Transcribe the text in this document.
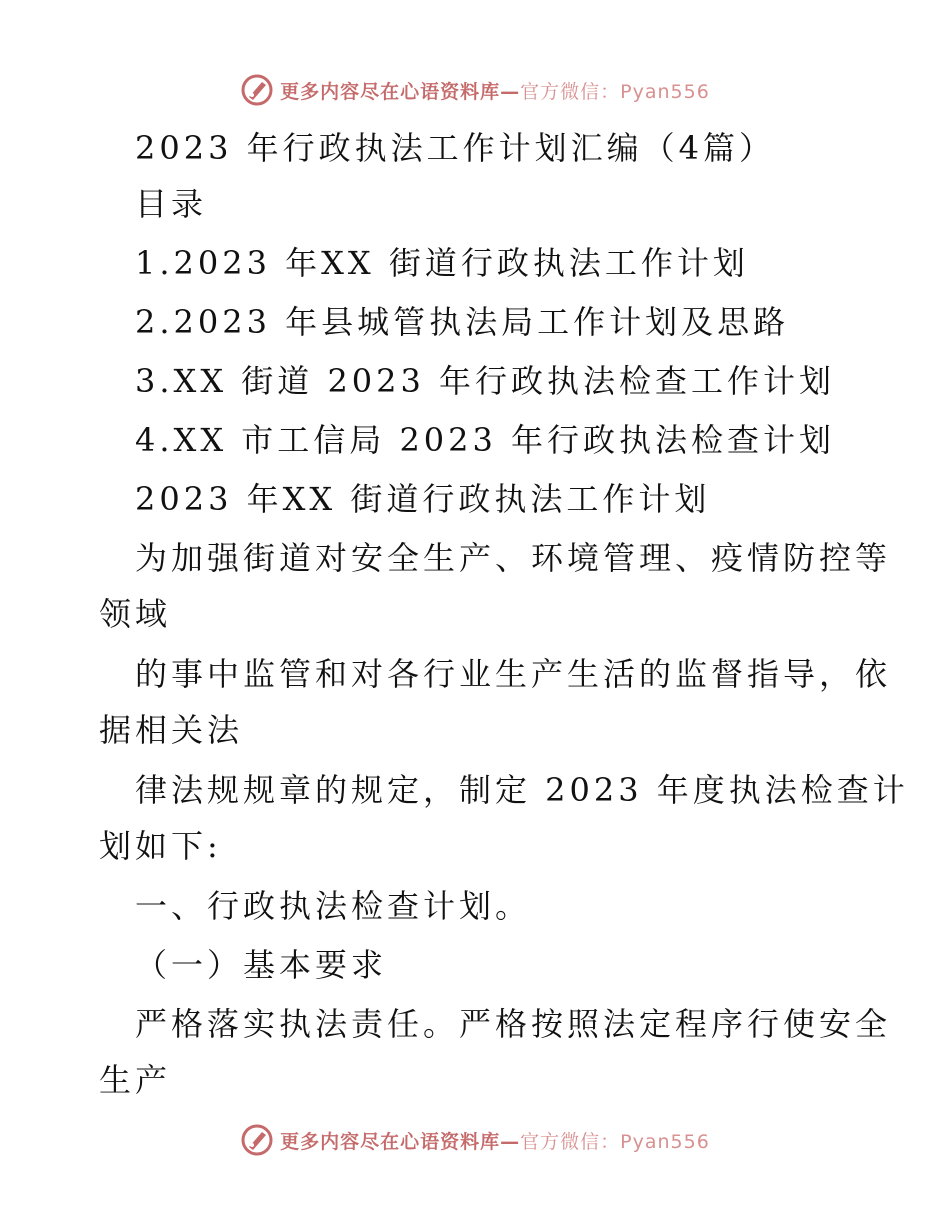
更多内容尽在心语资料库— 官方微信：Pyan556
2023 年行政执法工作计划汇编（4篇）
目录
1.2023 年XX 街道行政执法工作计划
2.2023 年县城管执法局工作计划及思路
3.XX 街道 2023 年行政执法检查工作计划
4.XX 市工信局 2023 年行政执法检查计划
2023 年XX 街道行政执法工作计划
为加强街道对安全生产、环境管理、疫情防控等
领域
的事中监管和对各行业生产生活的监督指导，依
据相关法
律法规规章的规定，制定 2023 年度执法检查计
划如下:
一、行政执法检查计划。
（一）基本要求
严格落实执法责任。严格按照法定程序行使安全
生产
更多内容尽在心语资料库— 官方微信：Pyan556
